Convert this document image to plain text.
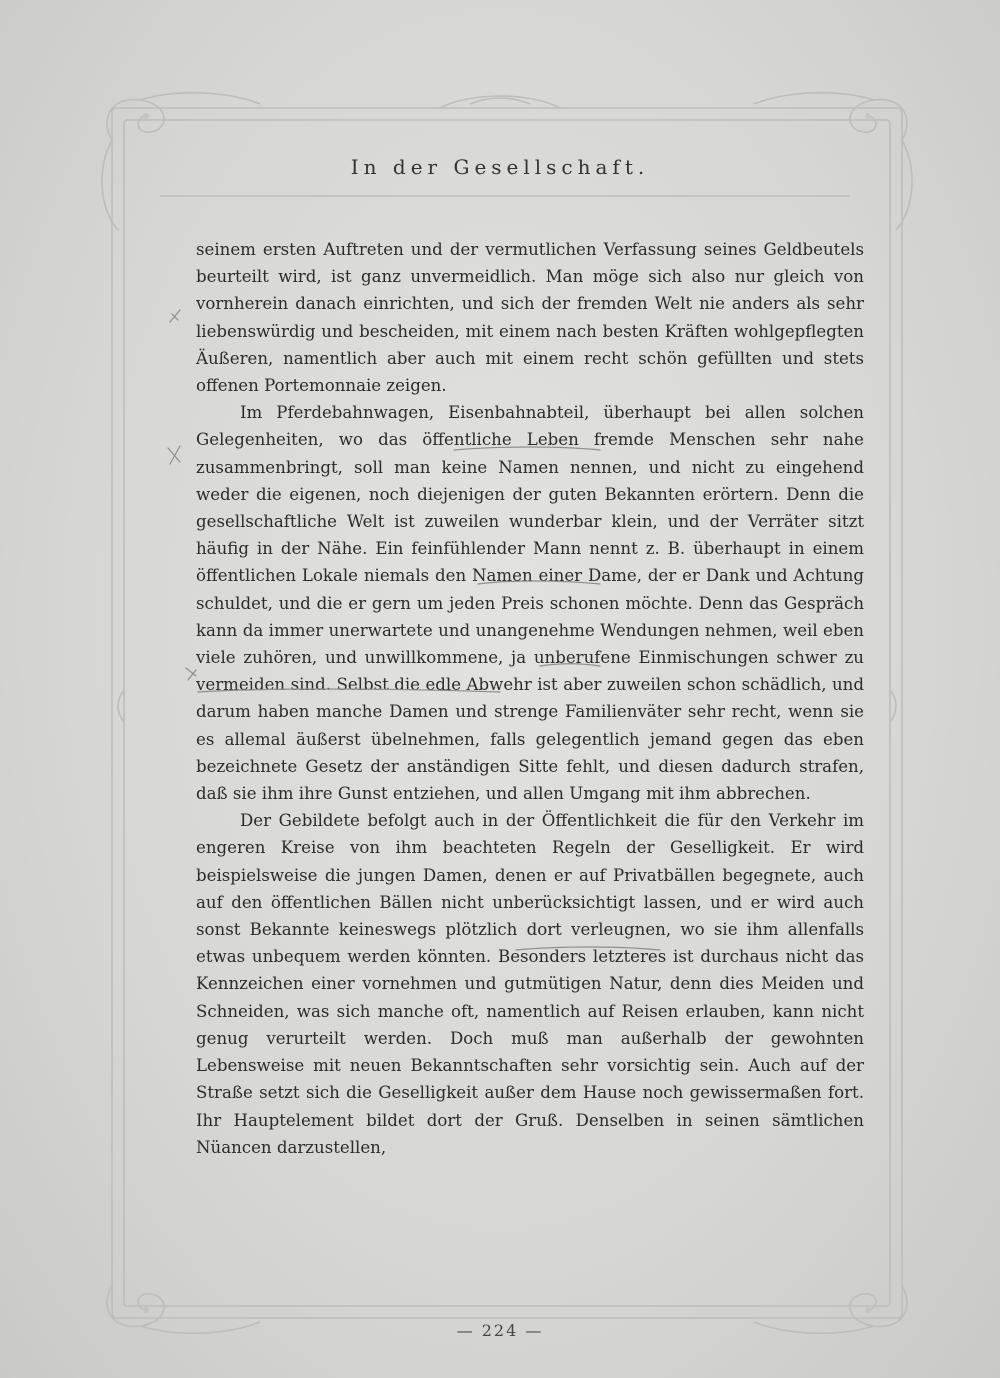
In der Gesellschaft.

seinem ersten Auftreten und der vermutlichen Verfassung seines Geldbeutels beurteilt wird, ist ganz unvermeidlich. Man möge sich also nur gleich von vornherein danach einrichten, und sich der fremden Welt nie anders als sehr liebenswürdig und bescheiden, mit einem nach besten Kräften wohlgepflegten Äußeren, namentlich aber auch mit einem recht schön gefüllten und stets offenen Portemonnaie zeigen.

Im Pferdebahnwagen, Eisenbahnabteil, überhaupt bei allen solchen Gelegenheiten, wo das öffentliche Leben fremde Menschen sehr nahe zusammenbringt, soll man keine Namen nennen, und nicht zu eingehend weder die eigenen, noch diejenigen der guten Bekannten erörtern. Denn die gesellschaftliche Welt ist zuweilen wunderbar klein, und der Verräter sitzt häufig in der Nähe. Ein feinfühlender Mann nennt z. B. überhaupt in einem öffentlichen Lokale niemals den Namen einer Dame, der er Dank und Achtung schuldet, und die er gern um jeden Preis schonen möchte. Denn das Gespräch kann da immer unerwartete und unangenehme Wendungen nehmen, weil eben viele zuhören, und unwillkommene, ja unberufene Einmischungen schwer zu vermeiden sind. Selbst die edle Abwehr ist aber zuweilen schon schädlich, und darum haben manche Damen und strenge Familienväter sehr recht, wenn sie es allemal äußerst übelnehmen, falls gelegentlich jemand gegen das eben bezeichnete Gesetz der anständigen Sitte fehlt, und diesen dadurch strafen, daß sie ihm ihre Gunst entziehen, und allen Umgang mit ihm abbrechen.

Der Gebildete befolgt auch in der Öffentlichkeit die für den Verkehr im engeren Kreise von ihm beachteten Regeln der Geselligkeit. Er wird beispielsweise die jungen Damen, denen er auf Privatbällen begegnete, auch auf den öffentlichen Bällen nicht unberücksichtigt lassen, und er wird auch sonst Bekannte keineswegs plötzlich dort verleugnen, wo sie ihm allenfalls etwas unbequem werden könnten. Besonders letzteres ist durchaus nicht das Kennzeichen einer vornehmen und gutmütigen Natur, denn dies Meiden und Schneiden, was sich manche oft, namentlich auf Reisen erlauben, kann nicht genug verurteilt werden. Doch muß man außerhalb der gewohnten Lebensweise mit neuen Bekanntschaften sehr vorsichtig sein. Auch auf der Straße setzt sich die Geselligkeit außer dem Hause noch gewissermaßen fort. Ihr Hauptelement bildet dort der Gruß. Denselben in seinen sämtlichen Nüancen darzustellen,

— 224 —
